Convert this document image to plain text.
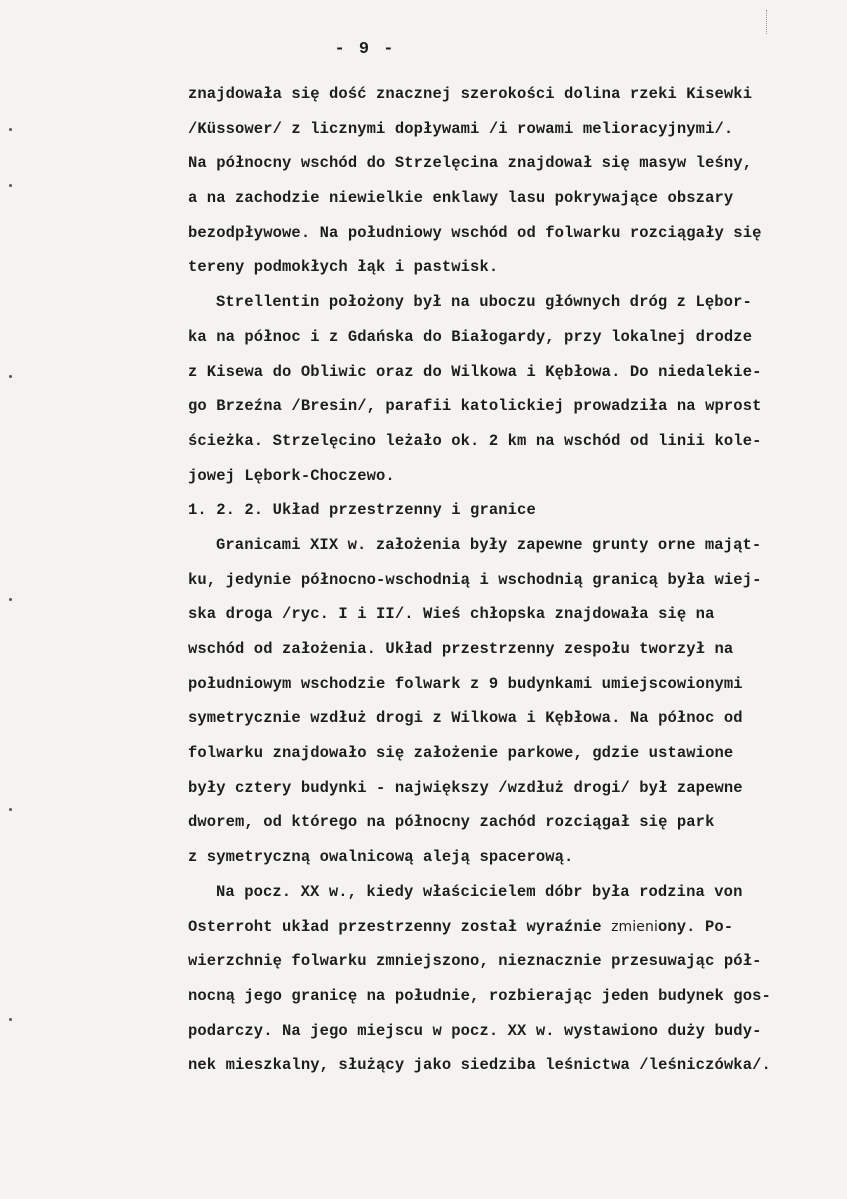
- 9 -
znajdowała się dość znacznej szerokości dolina rzeki Kisewki
/Küssower/ z licznymi dopływami /i rowami melioracyjnymi/.
Na północny wschód do Strzelęcina znajdował się masyw leśny,
a na zachodzie niewielkie enklawy lasu pokrywające obszary
bezodpływowe. Na południowy wschód od folwarku rozciągały się
tereny podmokłych łąk i pastwisk.
Strellentin położony był na uboczu głównych dróg z Lębor-
ka na północ i z Gdańska do Białogardy, przy lokalnej drodze
z Kisewa do Obliwic oraz do Wilkowa i Kębłowa. Do niedalekie-
go Brzeźna /Bresin/, parafii katolickiej prowadziła na wprost
ścieżka. Strzelęcino leżało ok. 2 km na wschód od linii kole-
jowej Lębork-Choczewo.
1. 2. 2. Układ przestrzenny i granice
Granicami XIX w. założenia były zapewne grunty orne mająt-
ku, jedynie północno-wschodnią i wschodnią granicą była wiej-
ska droga /ryc. I i II/. Wieś chłopska znajdowała się na
wschód od założenia. Układ przestrzenny zespołu tworzył na
południowym wschodzie folwark z 9 budynkami umiejscowionymi
symetrycznie wzdłuż drogi z Wilkowa i Kębłowa. Na północ od
folwarku znajdowało się założenie parkowe, gdzie ustawione
były cztery budynki - największy /wzdłuż drogi/ był zapewne
dworem, od którego na północny zachód rozciągał się park
z symetryczną owalnicową aleją spacerową.
Na pocz. XX w., kiedy właścicielem dóbr była rodzina von
Osterroht układ przestrzenny został wyraźnie zmieniony. Po-
wierzchnię folwarku zmniejszono, nieznacznie przesuwając pół-
nocną jego granicę na południe, rozbierając jeden budynek gos-
podarczy. Na jego miejscu w pocz. XX w. wystawiono duży budy-
nek mieszkalny, służący jako siedziba leśnictwa /leśniczówka/.
